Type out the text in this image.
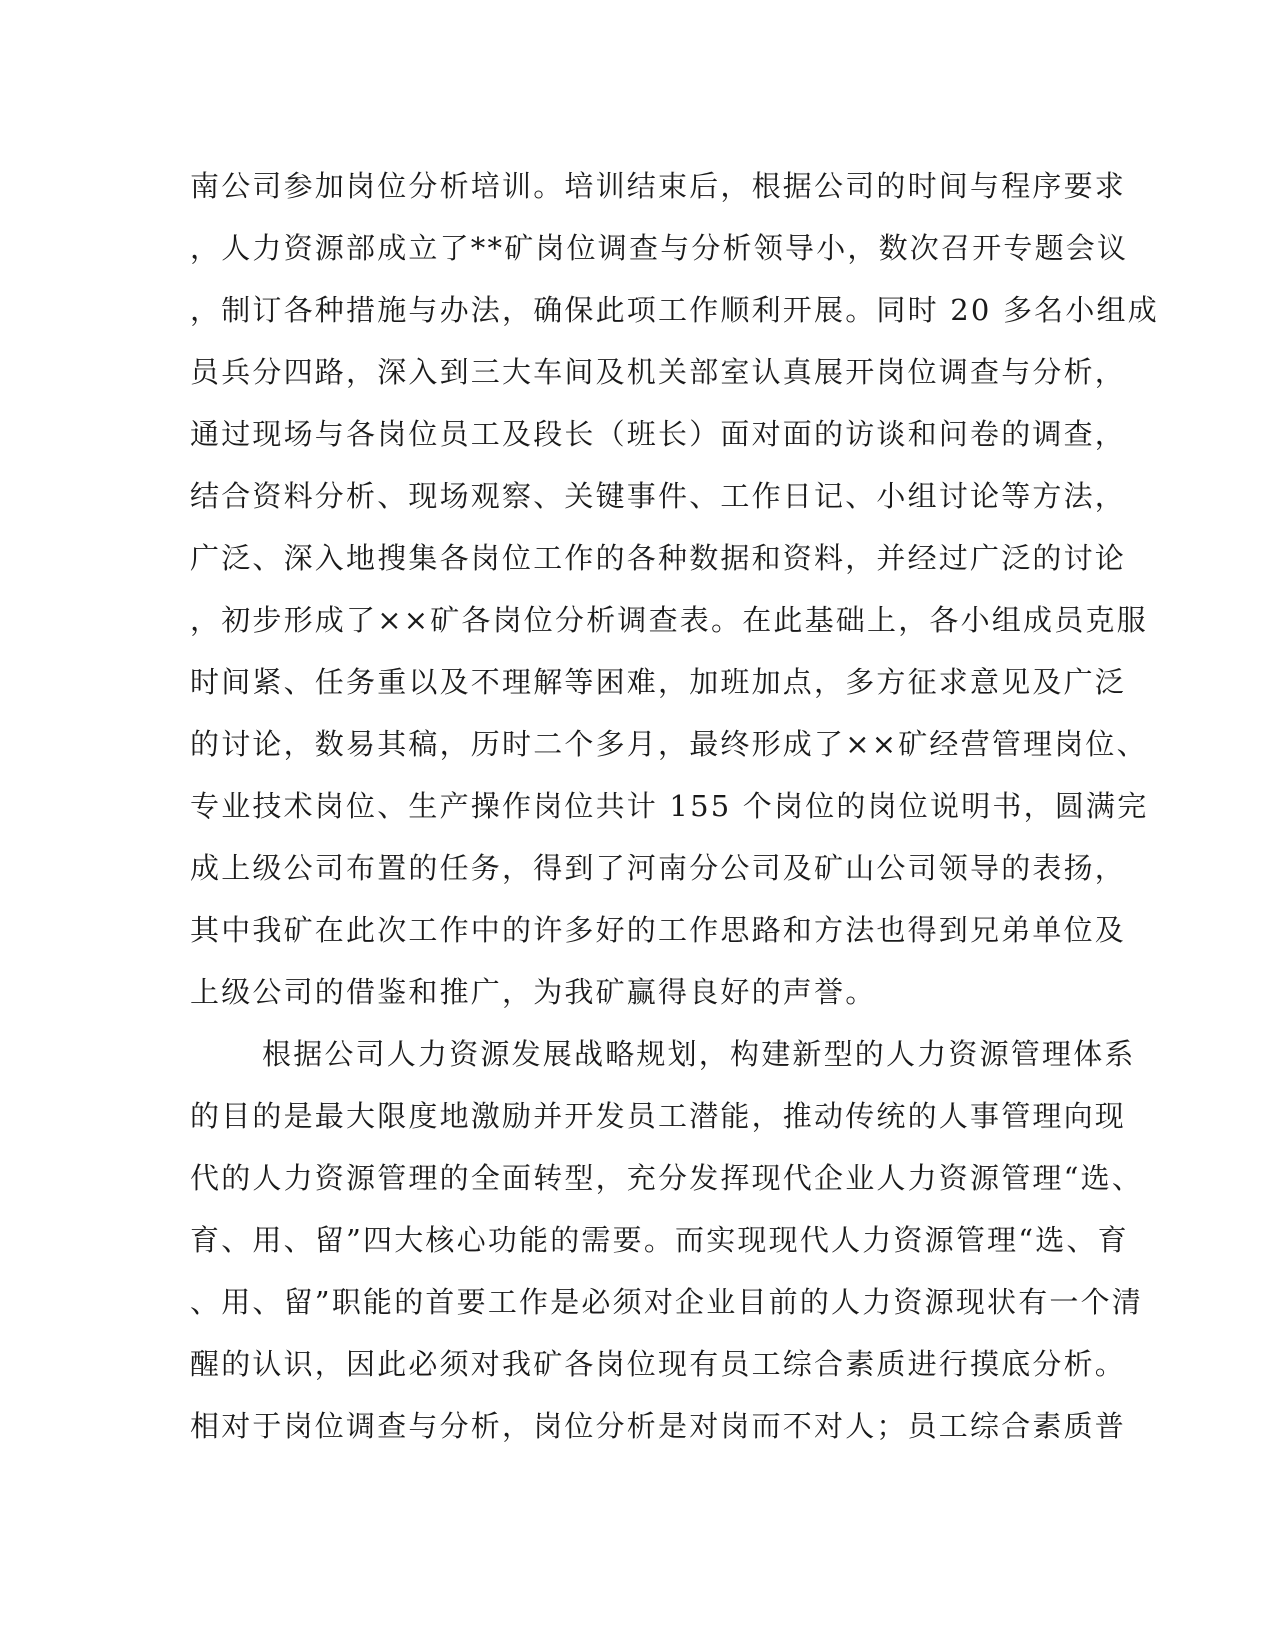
南公司参加岗位分析培训。培训结束后，根据公司的时间与程序要求
，人力资源部成立了**矿岗位调查与分析领导小，数次召开专题会议
，制订各种措施与办法，确保此项工作顺利开展。同时 20 多名小组成
员兵分四路，深入到三大车间及机关部室认真展开岗位调查与分析，
通过现场与各岗位员工及段长（班长）面对面的访谈和问卷的调查，
结合资料分析、现场观察、关键事件、工作日记、小组讨论等方法，
广泛、深入地搜集各岗位工作的各种数据和资料，并经过广泛的讨论
，初步形成了××矿各岗位分析调查表。在此基础上，各小组成员克服
时间紧、任务重以及不理解等困难，加班加点，多方征求意见及广泛
的讨论，数易其稿，历时二个多月，最终形成了××矿经营管理岗位、
专业技术岗位、生产操作岗位共计 155 个岗位的岗位说明书，圆满完
成上级公司布置的任务，得到了河南分公司及矿山公司领导的表扬，
其中我矿在此次工作中的许多好的工作思路和方法也得到兄弟单位及
上级公司的借鉴和推广，为我矿赢得良好的声誉。
根据公司人力资源发展战略规划，构建新型的人力资源管理体系
的目的是最大限度地激励并开发员工潜能，推动传统的人事管理向现
代的人力资源管理的全面转型，充分发挥现代企业人力资源管理“选、
育、用、留”四大核心功能的需要。而实现现代人力资源管理“选、育
、用、留”职能的首要工作是必须对企业目前的人力资源现状有一个清
醒的认识，因此必须对我矿各岗位现有员工综合素质进行摸底分析。
相对于岗位调查与分析，岗位分析是对岗而不对人；员工综合素质普
